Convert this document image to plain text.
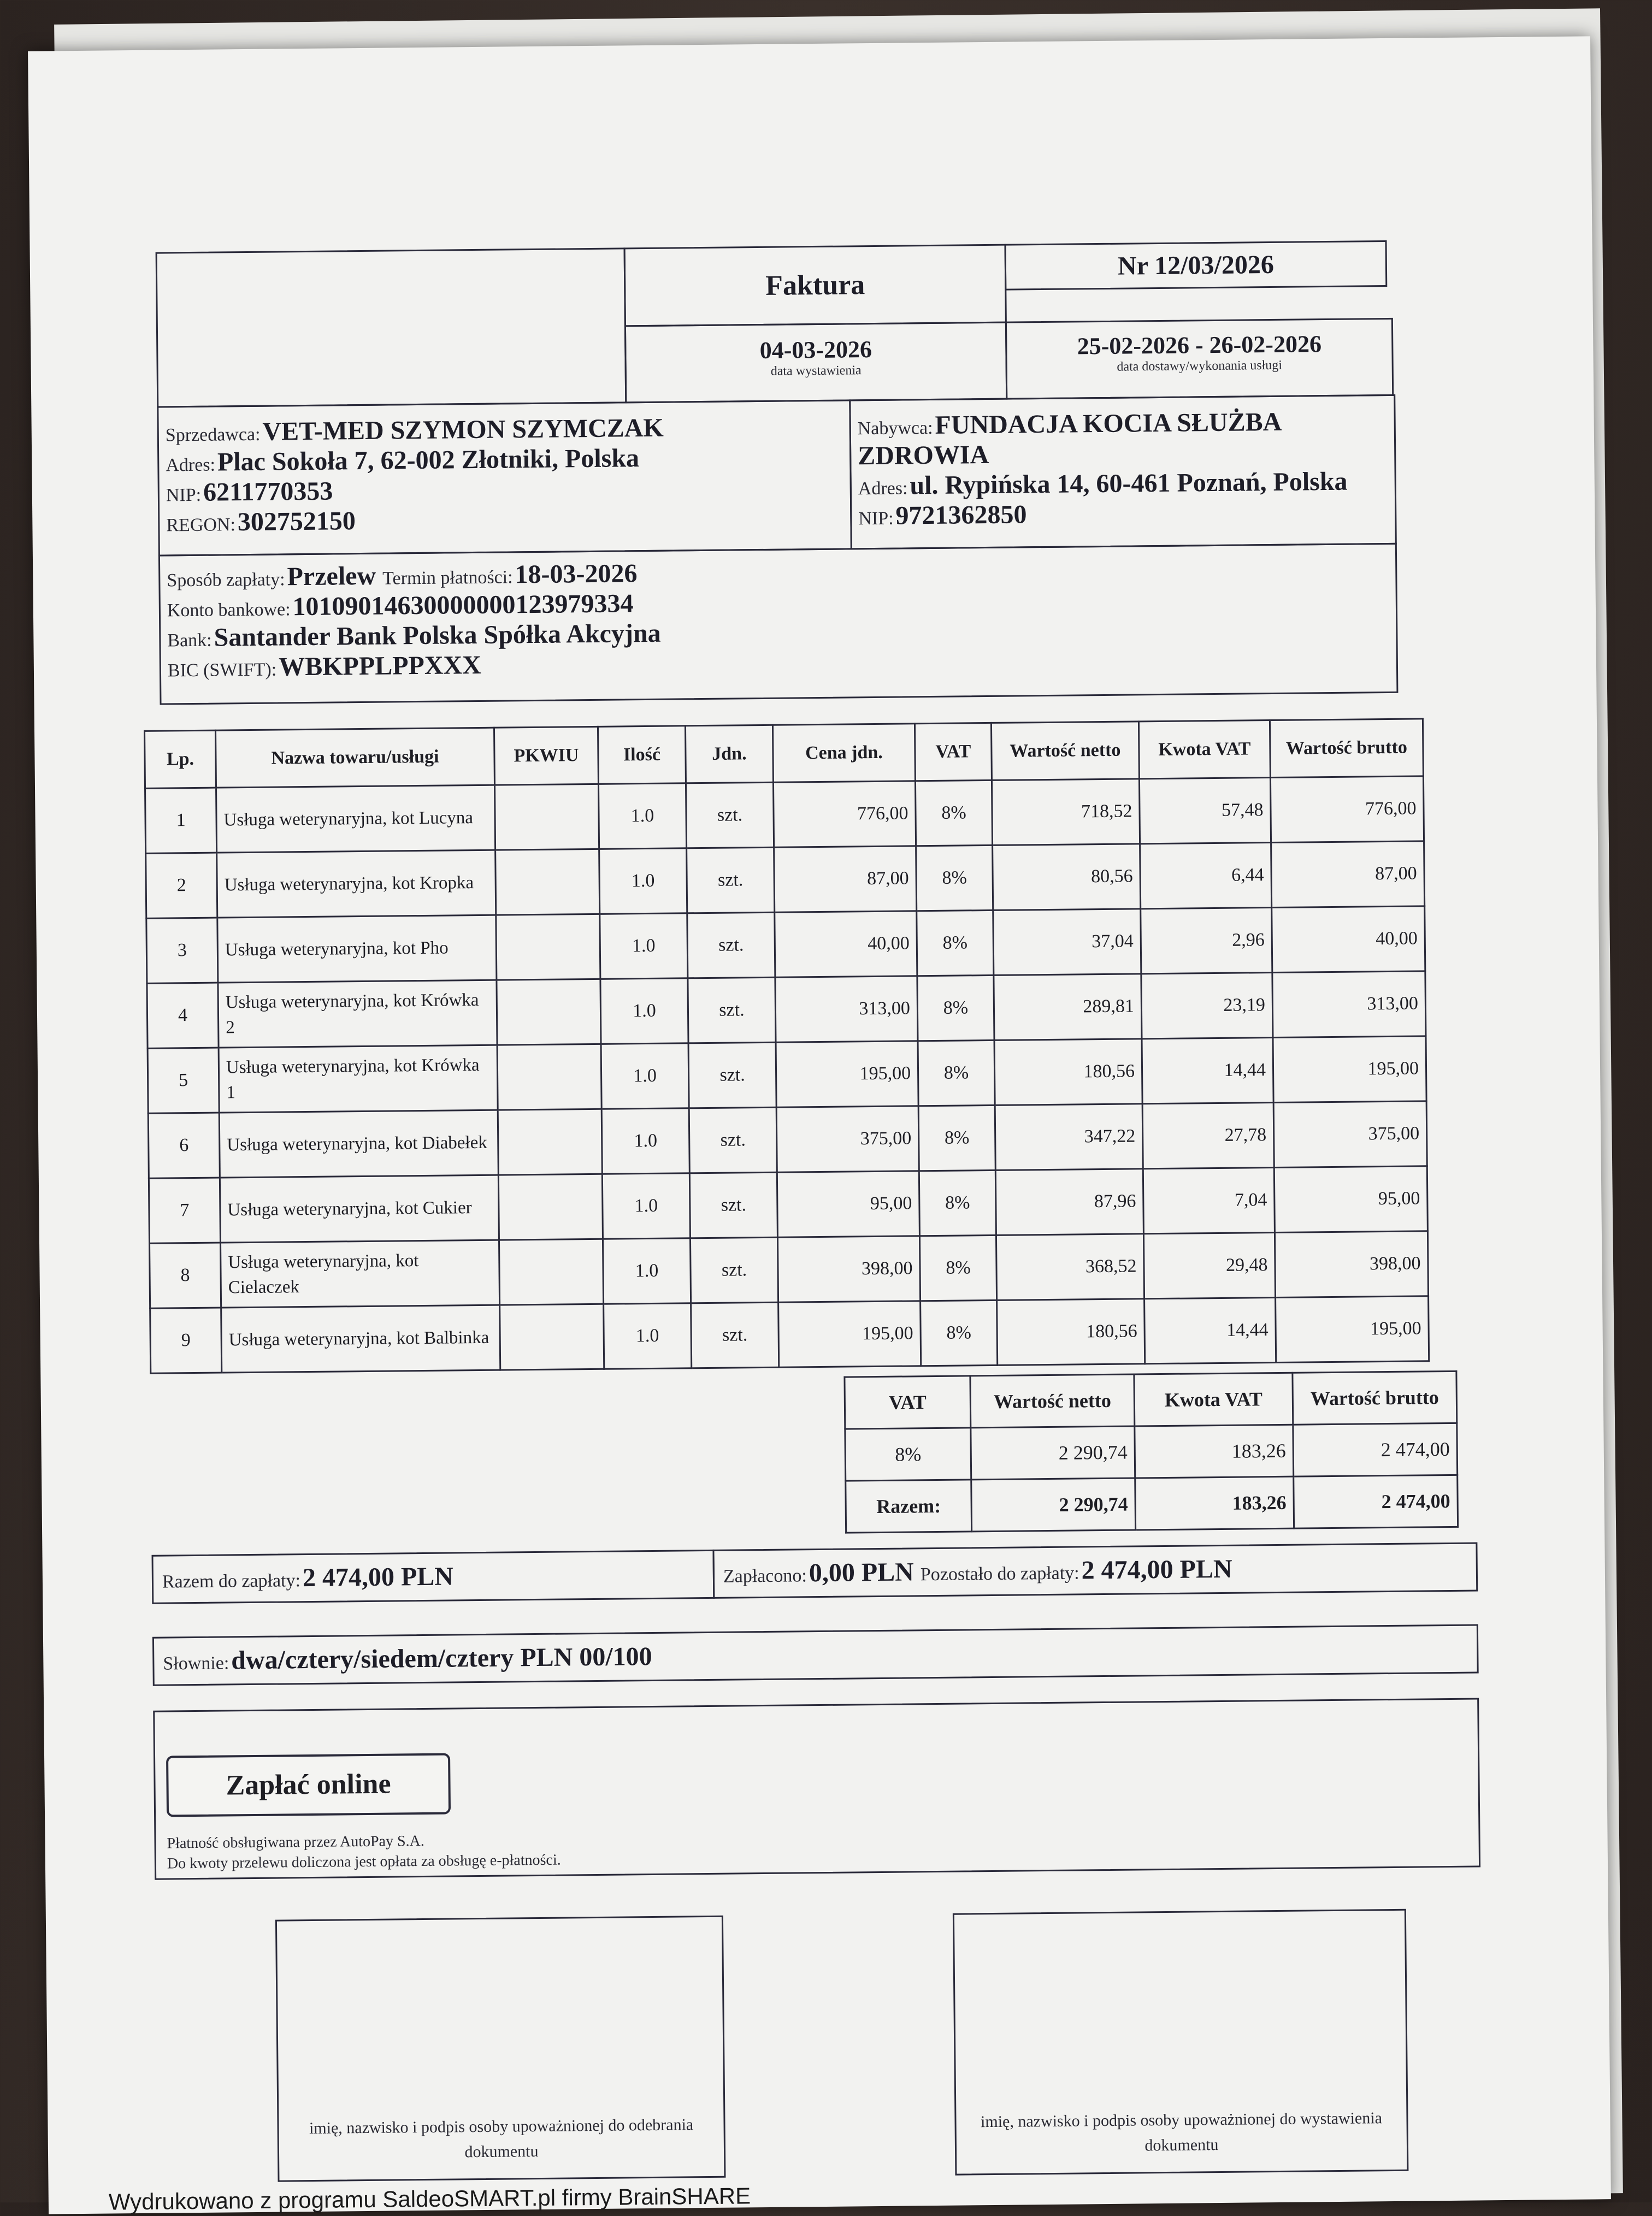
Faktura
04-03-2026
data wystawienia
Nr 12/03/2026
25-02-2026 - 26-02-2026
data dostawy/wykonania usługi
Sprzedawca: VET-MED SZYMON SZYMCZAK
Adres: Plac Sokoła 7, 62-002 Złotniki, Polska
NIP: 6211770353
REGON: 302752150
Nabywca: FUNDACJA KOCIA SŁUŻBA
ZDROWIA
Adres: ul. Rypińska 14, 60-461 Poznań, Polska
NIP: 9721362850
Sposób zapłaty: Przelew Termin płatności: 18-03-2026
Konto bankowe: 10109014630000000123979334
Bank: Santander Bank Polska Spółka Akcyjna
BIC (SWIFT): WBKPPLPPXXX
Lp.	Nazwa towaru/usługi	PKWIU	Ilość	Jdn.	Cena jdn.	VAT	Wartość netto	Kwota VAT	Wartość brutto
1	Usługa weterynaryjna, kot Lucyna		1.0	szt.	776,00	8%	718,52	57,48	776,00
2	Usługa weterynaryjna, kot Kropka		1.0	szt.	87,00	8%	80,56	6,44	87,00
3	Usługa weterynaryjna, kot Pho		1.0	szt.	40,00	8%	37,04	2,96	40,00
4	Usługa weterynaryjna, kot Krówka 2		1.0	szt.	313,00	8%	289,81	23,19	313,00
5	Usługa weterynaryjna, kot Krówka 1		1.0	szt.	195,00	8%	180,56	14,44	195,00
6	Usługa weterynaryjna, kot Diabełek		1.0	szt.	375,00	8%	347,22	27,78	375,00
7	Usługa weterynaryjna, kot Cukier		1.0	szt.	95,00	8%	87,96	7,04	95,00
8	Usługa weterynaryjna, kot Cielaczek		1.0	szt.	398,00	8%	368,52	29,48	398,00
9	Usługa weterynaryjna, kot Balbinka		1.0	szt.	195,00	8%	180,56	14,44	195,00
VAT	Wartość netto	Kwota VAT	Wartość brutto
8%	2 290,74	183,26	2 474,00
Razem:	2 290,74	183,26	2 474,00
Razem do zapłaty: 2 474,00 PLN	Zapłacono: 0,00 PLN Pozostało do zapłaty: 2 474,00 PLN
Słownie: dwa/cztery/siedem/cztery PLN 00/100
Zapłać online
Płatność obsługiwana przez AutoPay S.A.
Do kwoty przelewu doliczona jest opłata za obsługę e-płatności.
imię, nazwisko i podpis osoby upoważnionej do odebrania dokumentu
imię, nazwisko i podpis osoby upoważnionej do wystawienia dokumentu
Wydrukowano z programu SaldeoSMART.pl firmy BrainSHARE
